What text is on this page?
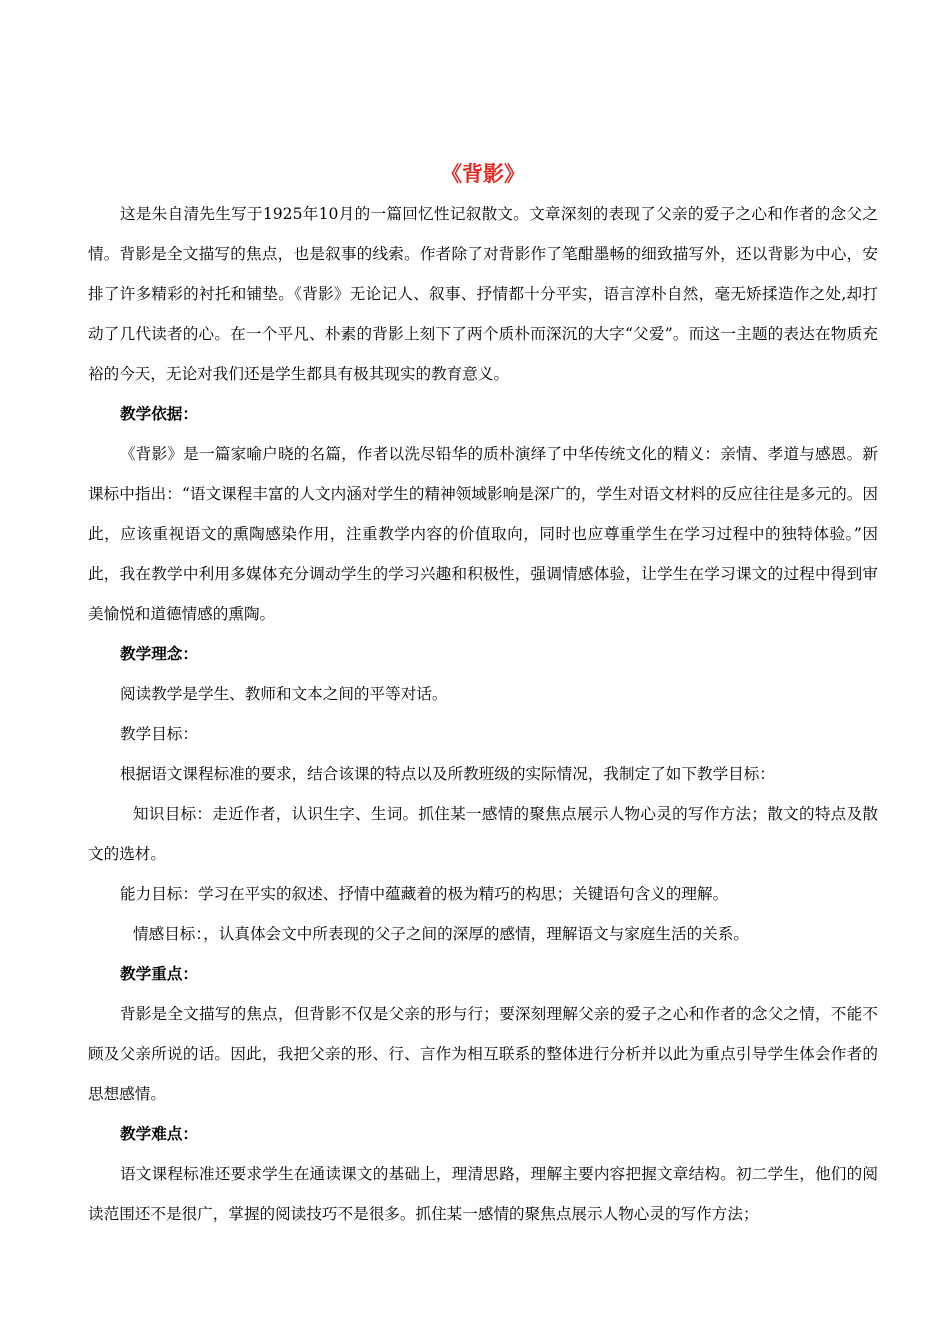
《背影》

这是朱自清先生写于1925年10月的一篇回忆性记叙散文。文章深刻的表现了父亲的爱子之心和作者的念父之情。背影是全文描写的焦点，也是叙事的线索。作者除了对背影作了笔酣墨畅的细致描写外，还以背影为中心，安排了许多精彩的衬托和铺垫。《背影》无论记人、叙事、抒情都十分平实，语言淳朴自然，毫无矫揉造作之处,却打动了几代读者的心。在一个平凡、朴素的背影上刻下了两个质朴而深沉的大字“父爱”。而这一主题的表达在物质充裕的今天，无论对我们还是学生都具有极其现实的教育意义。

教学依据：

《背影》是一篇家喻户晓的名篇，作者以洗尽铅华的质朴演绎了中华传统文化的精义：亲情、孝道与感恩。新课标中指出：“语文课程丰富的人文内涵对学生的精神领域影响是深广的，学生对语文材料的反应往往是多元的。因此，应该重视语文的熏陶感染作用，注重教学内容的价值取向，同时也应尊重学生在学习过程中的独特体验。”因此，我在教学中利用多媒体充分调动学生的学习兴趣和积极性，强调情感体验，让学生在学习课文的过程中得到审美愉悦和道德情感的熏陶。

教学理念：

阅读教学是学生、教师和文本之间的平等对话。

教学目标：

根据语文课程标准的要求，结合该课的特点以及所教班级的实际情况，我制定了如下教学目标：

知识目标：走近作者，认识生字、生词。抓住某一感情的聚焦点展示人物心灵的写作方法；散文的特点及散文的选材。

能力目标：学习在平实的叙述、抒情中蕴藏着的极为精巧的构思；关键语句含义的理解。

情感目标：，认真体会文中所表现的父子之间的深厚的感情，理解语文与家庭生活的关系。

教学重点：

背影是全文描写的焦点，但背影不仅是父亲的形与行；要深刻理解父亲的爱子之心和作者的念父之情，不能不顾及父亲所说的话。因此，我把父亲的形、行、言作为相互联系的整体进行分析并以此为重点引导学生体会作者的思想感情。

教学难点：

语文课程标准还要求学生在通读课文的基础上，理清思路，理解主要内容把握文章结构。初二学生，他们的阅读范围还不是很广，掌握的阅读技巧不是很多。抓住某一感情的聚焦点展示人物心灵的写作方法；
